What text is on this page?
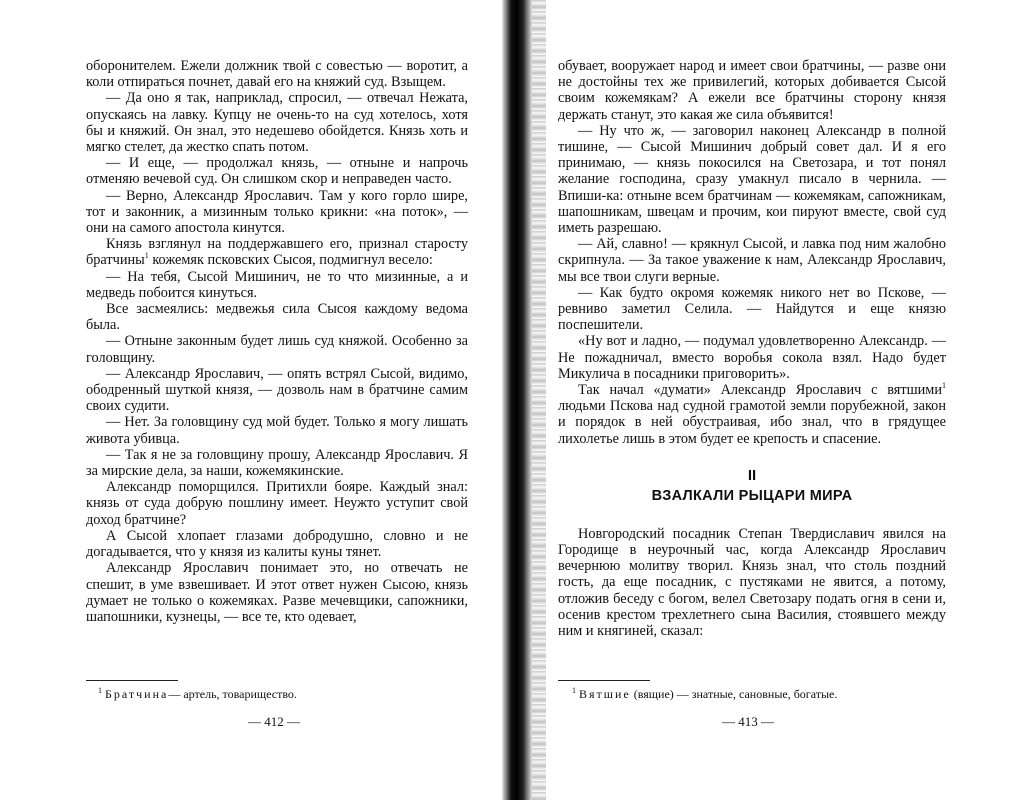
оборонителем. Ежели должник твой с совестью — воротит, а коли отпираться почнет, давай его на княжий суд. Взыщем.

— Да оно я так, наприклад, спросил, — отвечал Нежата, опускаясь на лавку. Купцу не очень-то на суд хотелось, хотя бы и княжий. Он знал, это недешево обойдется. Князь хоть и мягко стелет, да жестко спать потом.

— И еще, — продолжал князь, — отныне и напрочь отменяю вечевой суд. Он слишком скор и неправеден часто.

— Верно, Александр Ярославич. Там у кого горло шире, тот и законник, а мизинным только крикни: «на поток», — они на самого апостола кинутся.

Князь взглянул на поддержавшего его, признал старосту братчины$^1$ кожемяк псковских Сысоя, подмигнул весело:

— На тебя, Сысой Мишинич, не то что мизинные, а и медведь побоится кинуться.

Все засмеялись: медвежья сила Сысоя каждому ведома была.

— Отныне законным будет лишь суд княжой. Особенно за головщину.

— Александр Ярославич, — опять встрял Сысой, видимо, ободренный шуткой князя, — дозволь нам в братчине самим своих судити.

— Нет. За головщину суд мой будет. Только я могу лишать живота убивца.

— Так я не за головщину прошу, Александр Ярославич. Я за мирские дела, за наши, кожемякинские.

Александр поморщился. Притихли бояре. Каждый знал: князь от суда добрую пошлину имеет. Неужто уступит свой доход братчине?

А Сысой хлопает глазами добродушно, словно и не догадывается, что у князя из калиты куны тянет.

Александр Ярославич понимает это, но отвечать не спешит, в уме взвешивает. И этот ответ нужен Сысою, князь думает не только о кожемяках. Разве мечевщики, сапожники, шапошники, кузнецы, — все те, кто одевает,

$^1$ Братчина— артель, товарищество.
— 412 —

обувает, вооружает народ и имеет свои братчины, — разве они не достойны тех же привилегий, которых добивается Сысой своим кожемякам? А ежели все братчины сторону князя держать станут, это какая же сила объявится!

— Ну что ж, — заговорил наконец Александр в полной тишине, — Сысой Мишинич добрый совет дал. И я его принимаю, — князь покосился на Светозара, и тот понял желание господина, сразу умакнул писало в чернила. — Впиши-ка: отныне всем братчинам — кожемякам, сапожникам, шапошникам, швецам и прочим, кои пируют вместе, свой суд иметь разрешаю.

— Ай, славно! — крякнул Сысой, и лавка под ним жалобно скрипнула. — За такое уважение к нам, Александр Ярославич, мы все твои слуги верные.

— Как будто окромя кожемяк никого нет во Пскове, — ревниво заметил Селила. — Найдутся и еще князю поспешители.

«Ну вот и ладно, — подумал удовлетворенно Александр. — Не пожадничал, вместо воробья сокола взял. Надо будет Микулича в посадники приговорить».

Так начал «думати» Александр Ярославич с вятшими$^1$ людьми Пскова над судной грамотой земли порубежной, закон и порядок в ней обустраивая, ибо знал, что в грядущее лихолетье лишь в этом будет ее крепость и спасение.

II
ВЗАЛКАЛИ РЫЦАРИ МИРА

Новгородский посадник Степан Твердиславич явился на Городище в неурочный час, когда Александр Ярославич вечернюю молитву творил. Князь знал, что столь поздний гость, да еще посадник, с пустяками не явится, а потому, отложив беседу с богом, велел Светозару подать огня в сени и, осенив крестом трехлетнего сына Василия, стоявшего между ним и княгиней, сказал:

$^1$ Вятшие (вящие) — знатные, сановные, богатые.
— 413 —
